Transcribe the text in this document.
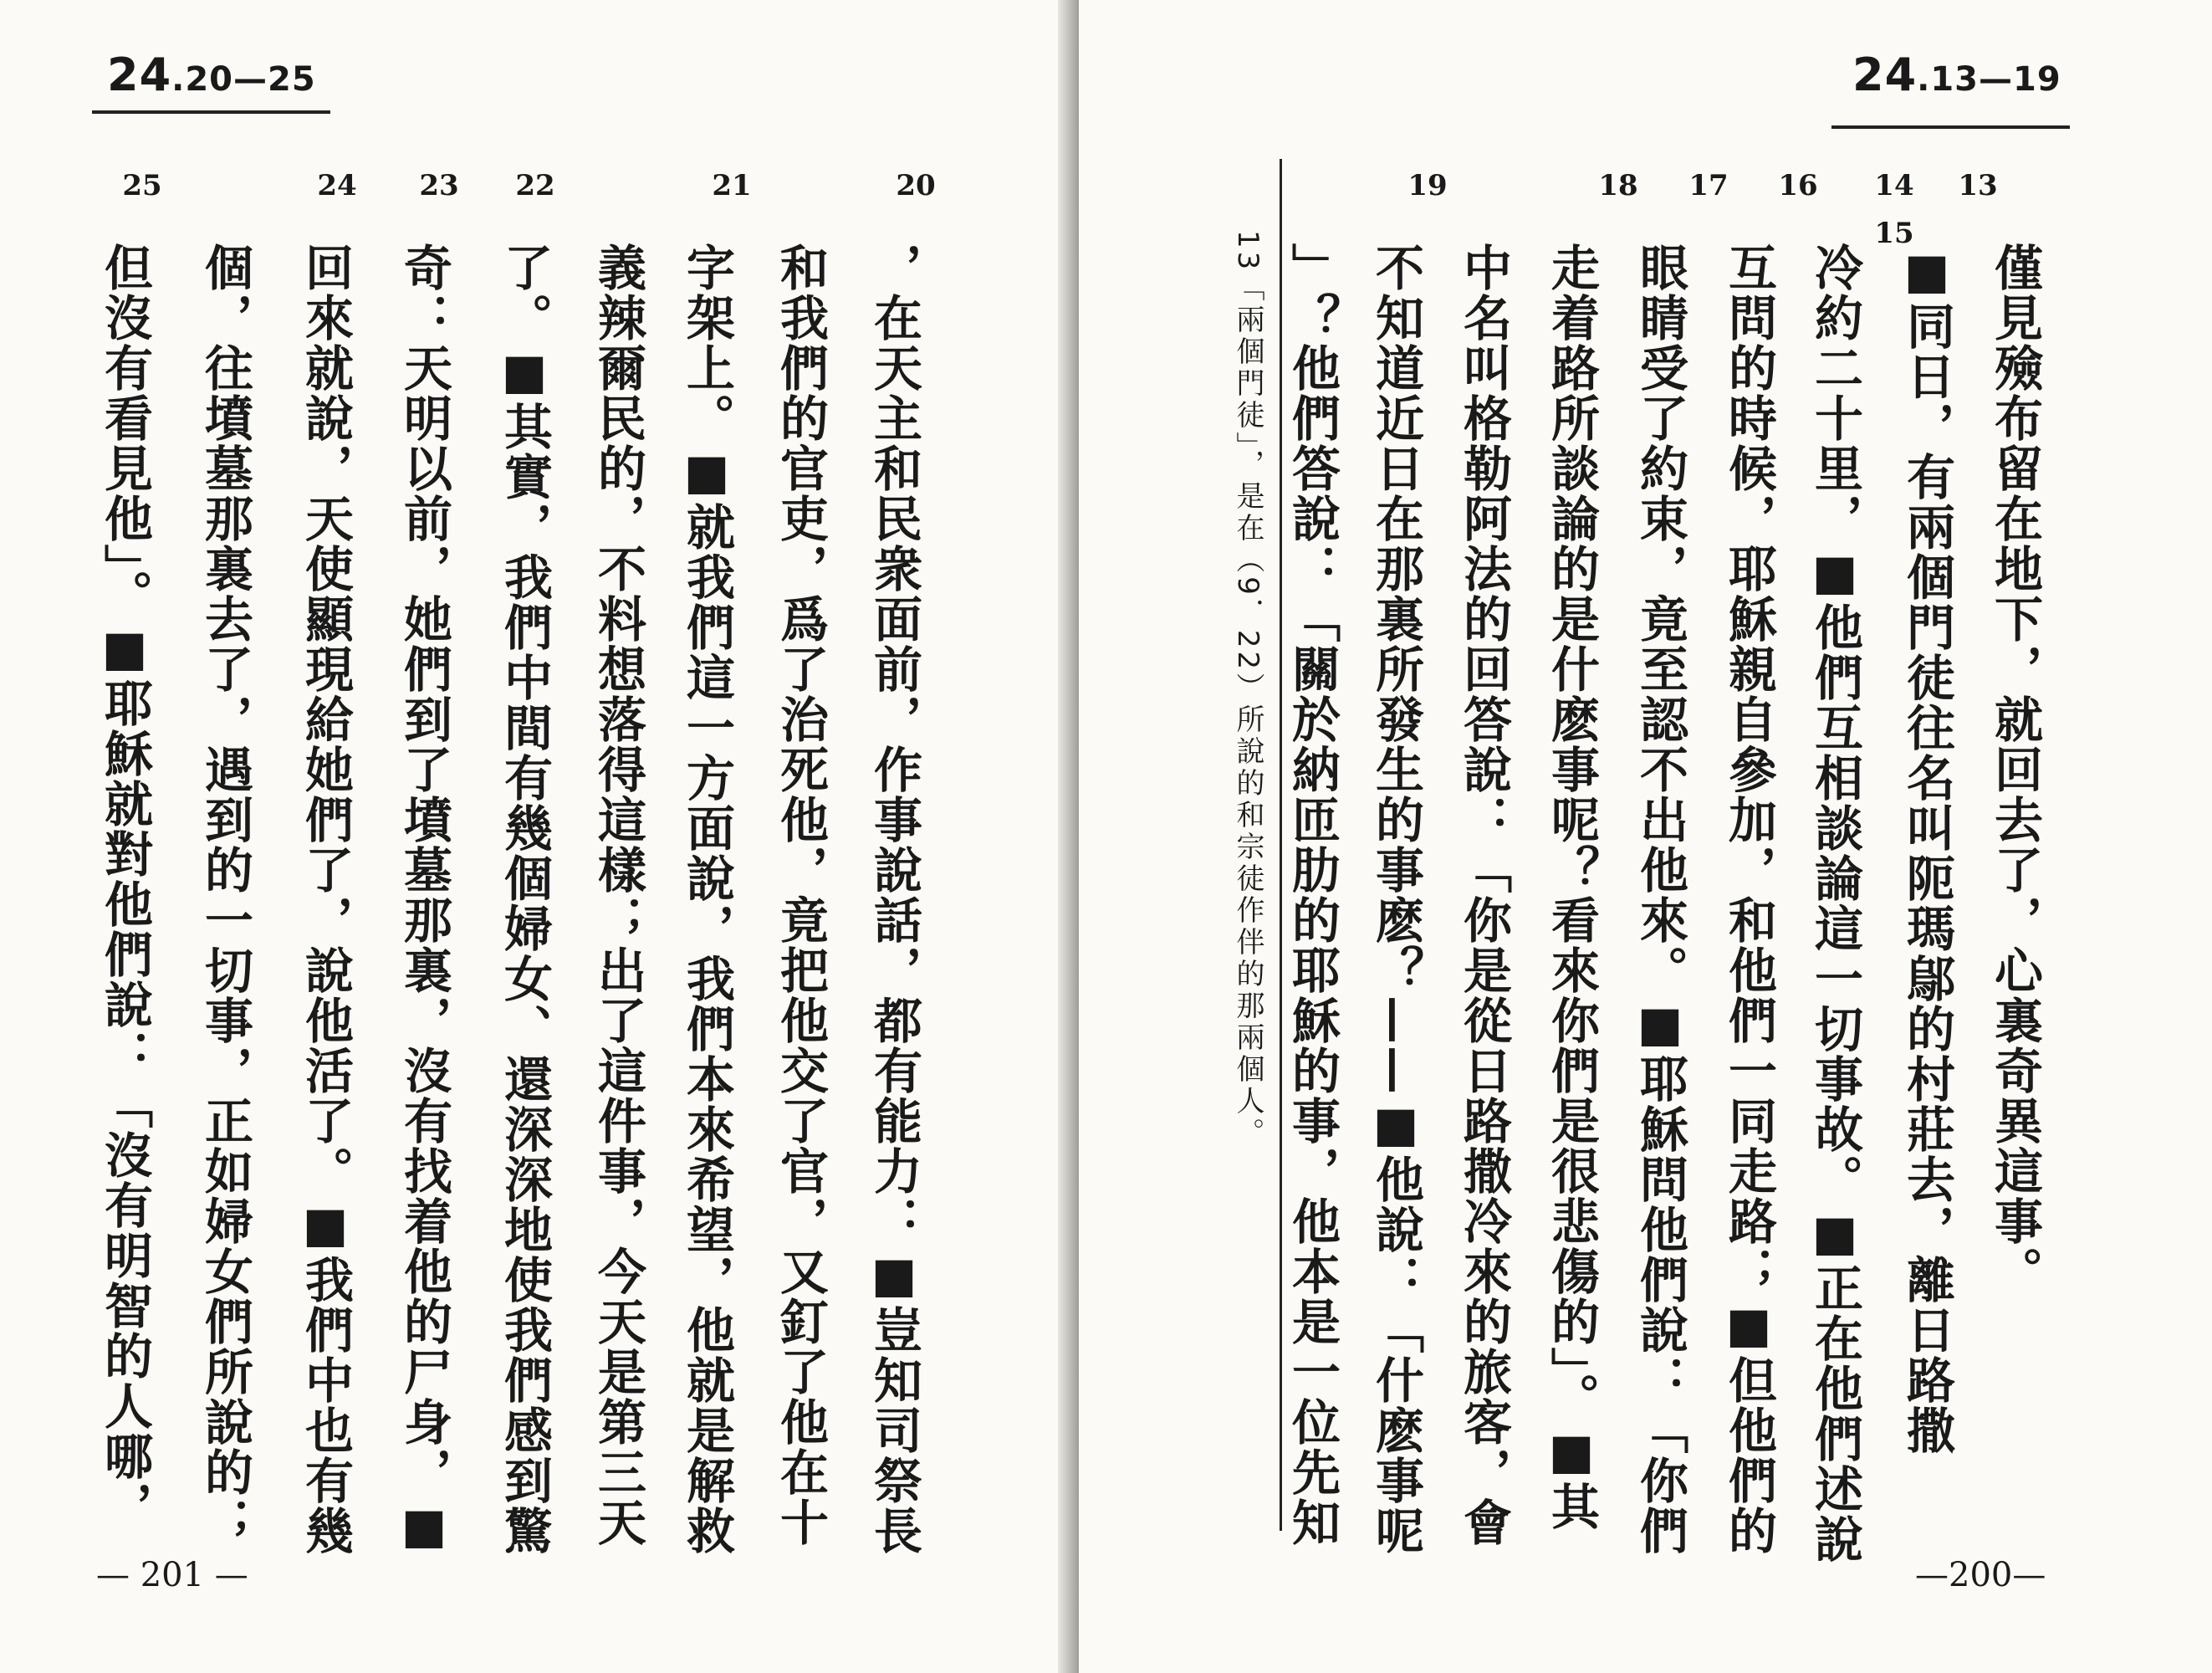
24.20—25
20
21
22
23
24
25
，在天主和民衆面前，作事說話，都有能力：■豈知司祭長
和我們的官吏，爲了治死他，竟把他交了官，又釘了他在十
字架上。■就我們這一方面說，我們本來希望，他就是解救
義辣爾民的，不料想落得這樣；出了這件事，今天是第三天
了。■其實，我們中間有幾個婦女、還深深地使我們感到驚
奇：天明以前，她們到了墳墓那裏，沒有找着他的尸身，■
回來就說，天使顯現給她們了，說他活了。■我們中也有幾
個，往墳墓那裏去了，遇到的一切事，正如婦女們所說的；
但沒有看見他」。■耶穌就對他們說：「沒有明智的人哪，
— 201 —
24.13—19
13
14
15
16
17
18
19
僅見殮布留在地下，就回去了，心裏奇異這事。
■同日，有兩個門徒往名叫阨瑪鄔的村莊去，離日路撒
冷約二十里，■他們互相談論這一切事故。■正在他們述說
互問的時候，耶穌親自參加，和他們一同走路；■但他們的
眼睛受了約束，竟至認不出他來。■耶穌問他們說：「你們
走着路所談論的是什麽事呢？看來你們是很悲傷的」。■其
中名叫格勒阿法的回答說：「你是從日路撒冷來的旅客，會
不知道近日在那裏所發生的事麽？——■他說：「什麽事呢
」？他們答說：「關於納匝肋的耶穌的事，他本是一位先知
13「兩個門徒」，是在（9．22）所說的和宗徒作伴的那兩個人。
—200—
